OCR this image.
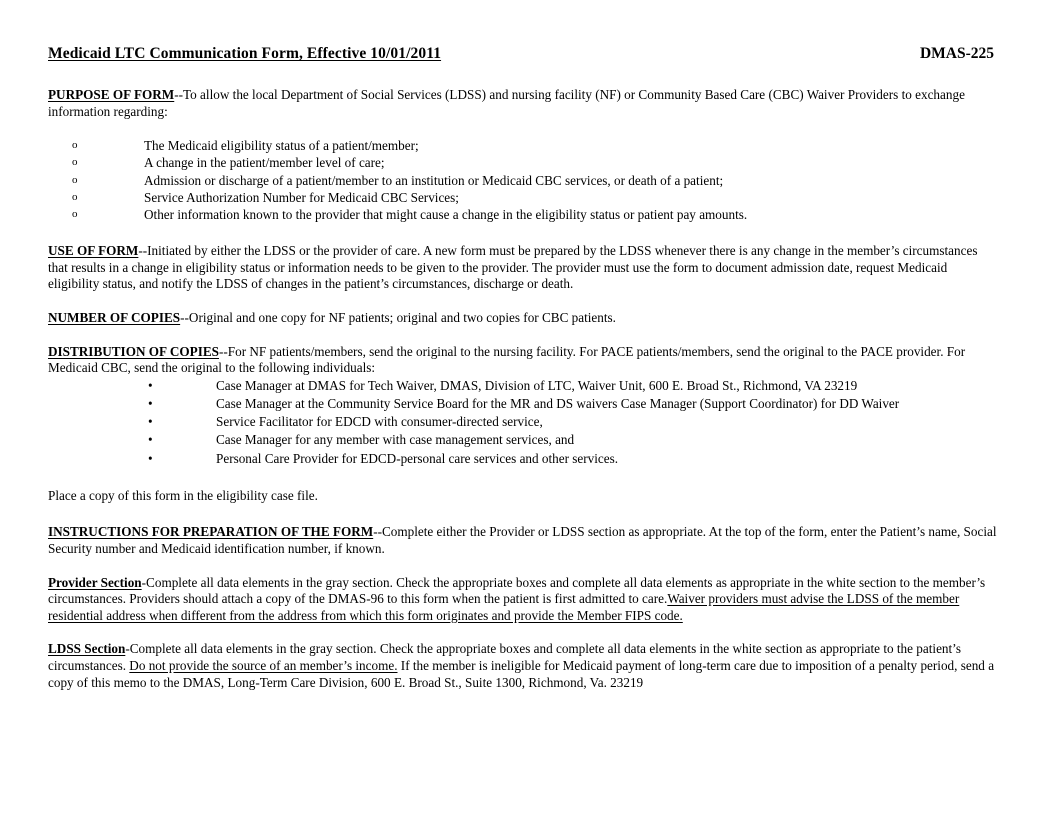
Medicaid LTC Communication Form, Effective 10/01/2011	DMAS-225

PURPOSE OF FORM--To allow the local Department of Social Services (LDSS) and nursing facility (NF) or Community Based Care (CBC) Waiver Providers to exchange information regarding:

o	The Medicaid eligibility status of a patient/member;
o	A change in the patient/member level of care;
o	Admission or discharge of a patient/member to an institution or Medicaid CBC services, or death of a patient;
o	Service Authorization Number for Medicaid CBC Services;
o	Other information known to the provider that might cause a change in the eligibility status or patient pay amounts.

USE OF FORM--Initiated by either the LDSS or the provider of care. A new form must be prepared by the LDSS whenever there is any change in the member’s circumstances that results in a change in eligibility status or information needs to be given to the provider. The provider must use the form to document admission date, request Medicaid eligibility status, and notify the LDSS of changes in the patient’s circumstances, discharge or death.

NUMBER OF COPIES--Original and one copy for NF patients; original and two copies for CBC patients.

DISTRIBUTION OF COPIES--For NF patients/members, send the original to the nursing facility. For PACE patients/members, send the original to the PACE provider. For Medicaid CBC, send the original to the following individuals:

•	Case Manager at DMAS for Tech Waiver, DMAS, Division of LTC, Waiver Unit, 600 E. Broad St., Richmond, VA 23219
•	Case Manager at the Community Service Board for the MR and DS waivers Case Manager (Support Coordinator) for DD Waiver
•	Service Facilitator for EDCD with consumer-directed service,
•	Case Manager for any member with case management services, and
•	Personal Care Provider for EDCD-personal care services and other services.

Place a copy of this form in the eligibility case file.

INSTRUCTIONS FOR PREPARATION OF THE FORM--Complete either the Provider or LDSS section as appropriate. At the top of the form, enter the Patient’s name, Social Security number and Medicaid identification number, if known.

Provider Section-Complete all data elements in the gray section. Check the appropriate boxes and complete all data elements as appropriate in the white section to the member’s circumstances. Providers should attach a copy of the DMAS-96 to this form when the patient is first admitted to care.Waiver providers must advise the LDSS of the member residential address when different from the address from which this form originates and provide the Member FIPS code.

LDSS Section-Complete all data elements in the gray section. Check the appropriate boxes and complete all data elements in the white section as appropriate to the patient’s circumstances. Do not provide the source of an member’s income. If the member is ineligible for Medicaid payment of long-term care due to imposition of a penalty period, send a copy of this memo to the DMAS, Long-Term Care Division, 600 E. Broad St., Suite 1300, Richmond, Va. 23219
